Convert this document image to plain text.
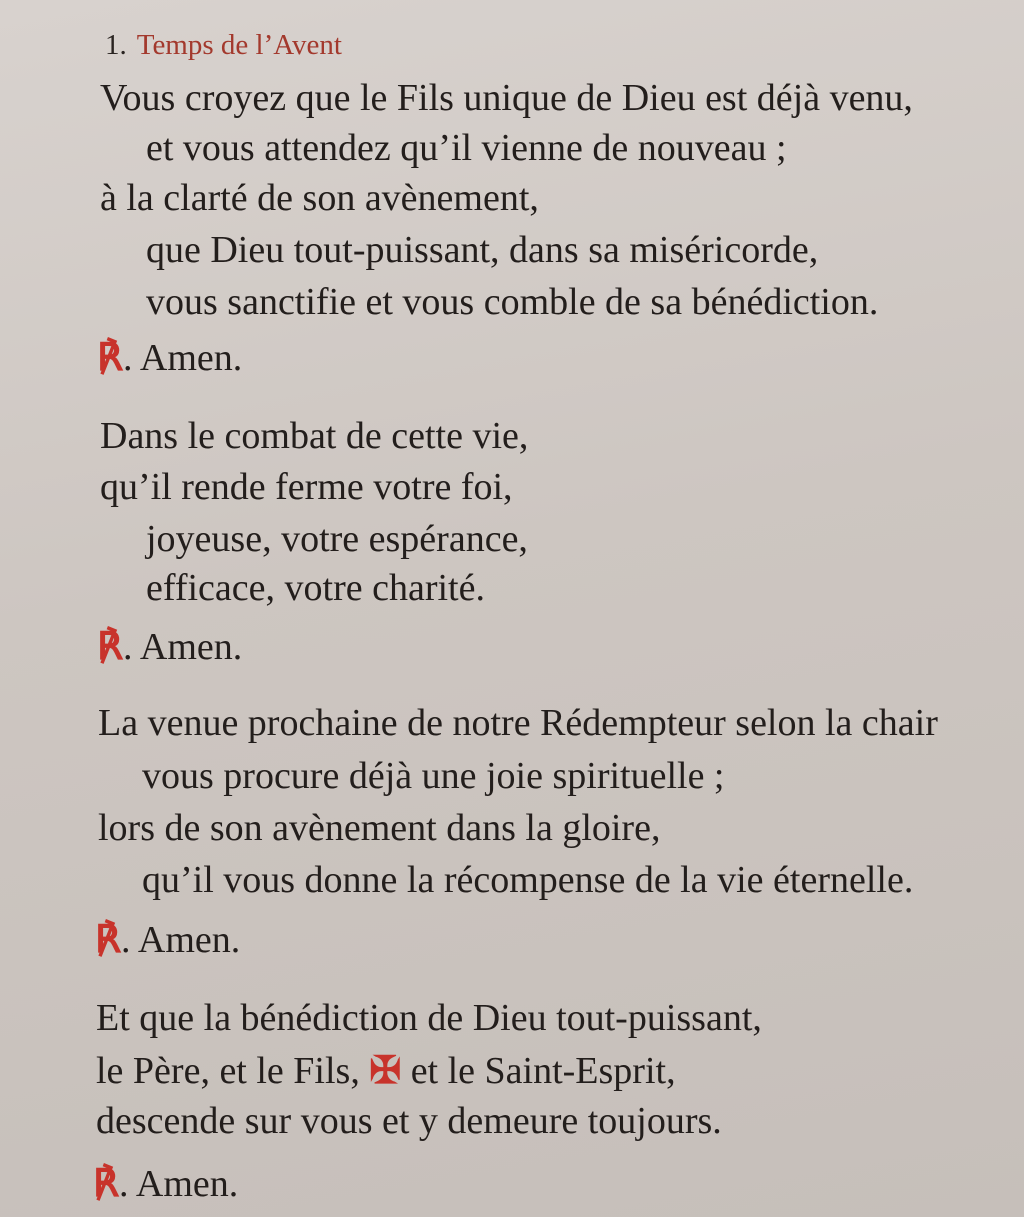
1. Temps de l’Avent
Vous croyez que le Fils unique de Dieu est déjà venu,
et vous attendez qu’il vienne de nouveau ;
à la clarté de son avènement,
que Dieu tout-puissant, dans sa miséricorde,
vous sanctifie et vous comble de sa bénédiction.
℟. Amen.
Dans le combat de cette vie,
qu’il rende ferme votre foi,
joyeuse, votre espérance,
efficace, votre charité.
℟. Amen.
La venue prochaine de notre Rédempteur selon la chair
vous procure déjà une joie spirituelle ;
lors de son avènement dans la gloire,
qu’il vous donne la récompense de la vie éternelle.
℟. Amen.
Et que la bénédiction de Dieu tout-puissant,
le Père, et le Fils, ✠ et le Saint-Esprit,
descende sur vous et y demeure toujours.
℟. Amen.
